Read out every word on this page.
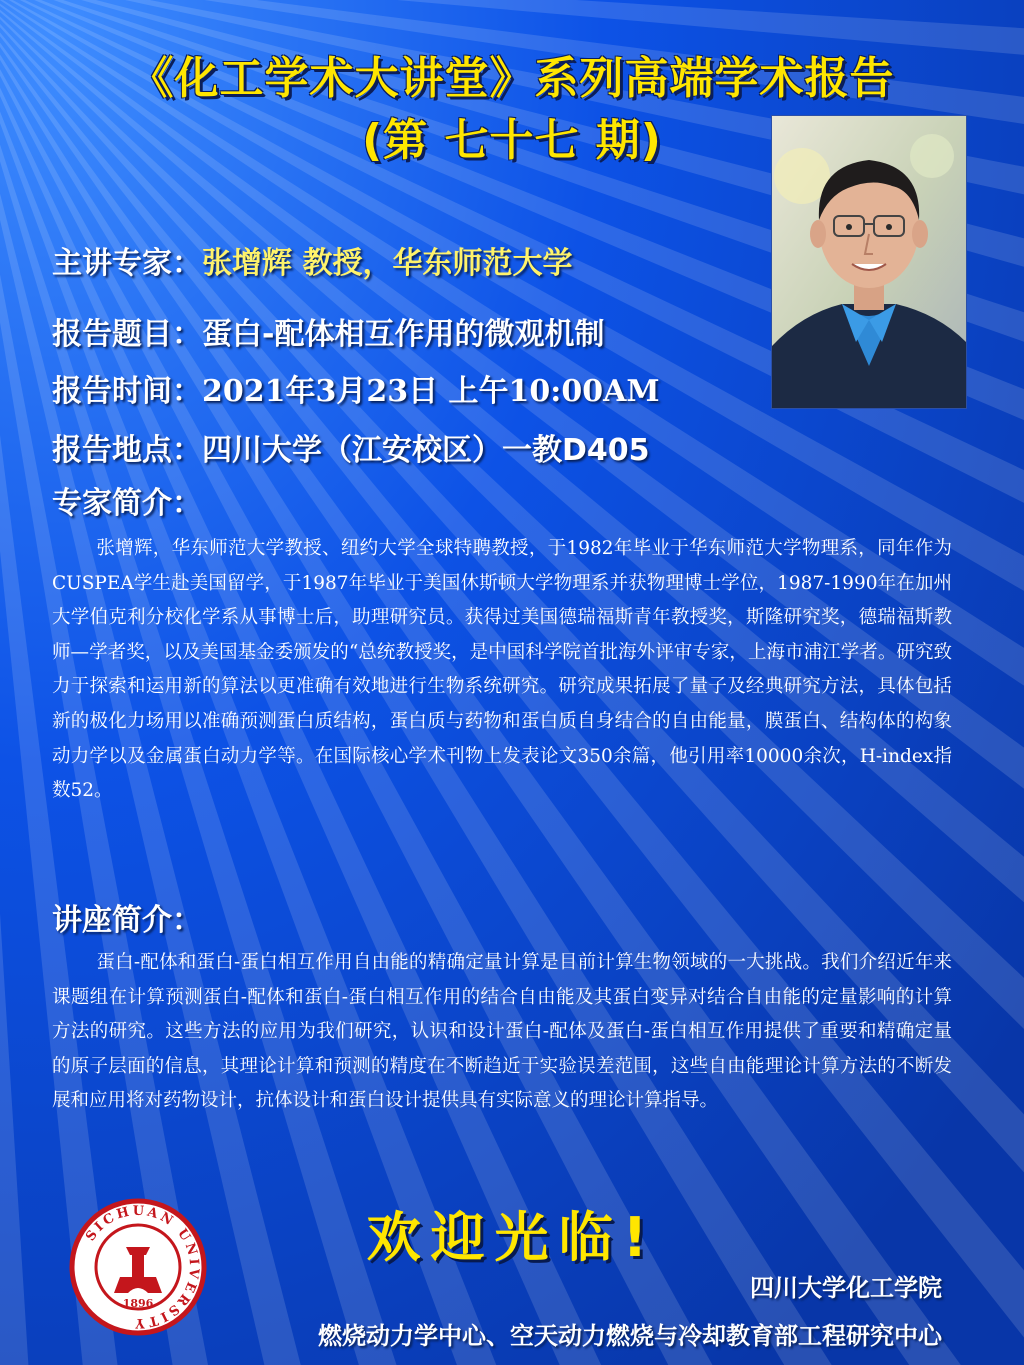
《化工学术大讲堂》系列高端学术报告
(第 七十七 期)
主讲专家：张增辉 教授，华东师范大学
报告题目：蛋白-配体相互作用的微观机制
报告时间：2021年3月23日 上午10:00AM
报告地点：四川大学（江安校区）一教D405
专家简介：
张增辉，华东师范大学教授、纽约大学全球特聘教授，于1982年毕业于华东师范大学物理系，同年作为CUSPEA学生赴美国留学，于1987年毕业于美国休斯顿大学物理系并获物理博士学位，1987-1990年在加州大学伯克利分校化学系从事博士后，助理研究员。获得过美国德瑞福斯青年教授奖，斯隆研究奖，德瑞福斯教师—学者奖，以及美国基金委颁发的“总统教授奖，是中国科学院首批海外评审专家，上海市浦江学者。研究致力于探索和运用新的算法以更准确有效地进行生物系统研究。研究成果拓展了量子及经典研究方法，具体包括新的极化力场用以准确预测蛋白质结构，蛋白质与药物和蛋白质自身结合的自由能量，膜蛋白、结构体的构象动力学以及金属蛋白动力学等。在国际核心学术刊物上发表论文350余篇，他引用率10000余次，H-index指数52。
讲座简介：
蛋白-配体和蛋白-蛋白相互作用自由能的精确定量计算是目前计算生物领域的一大挑战。我们介绍近年来课题组在计算预测蛋白-配体和蛋白-蛋白相互作用的结合自由能及其蛋白变异对结合自由能的定量影响的计算方法的研究。这些方法的应用为我们研究，认识和设计蛋白-配体及蛋白-蛋白相互作用提供了重要和精确定量的原子层面的信息，其理论计算和预测的精度在不断趋近于实验误差范围，这些自由能理论计算方法的不断发展和应用将对药物设计，抗体设计和蛋白设计提供具有实际意义的理论计算指导。
SICHUAN UNIVERSITY
1896
欢迎光临!
四川大学化工学院
燃烧动力学中心、空天动力燃烧与冷却教育部工程研究中心
